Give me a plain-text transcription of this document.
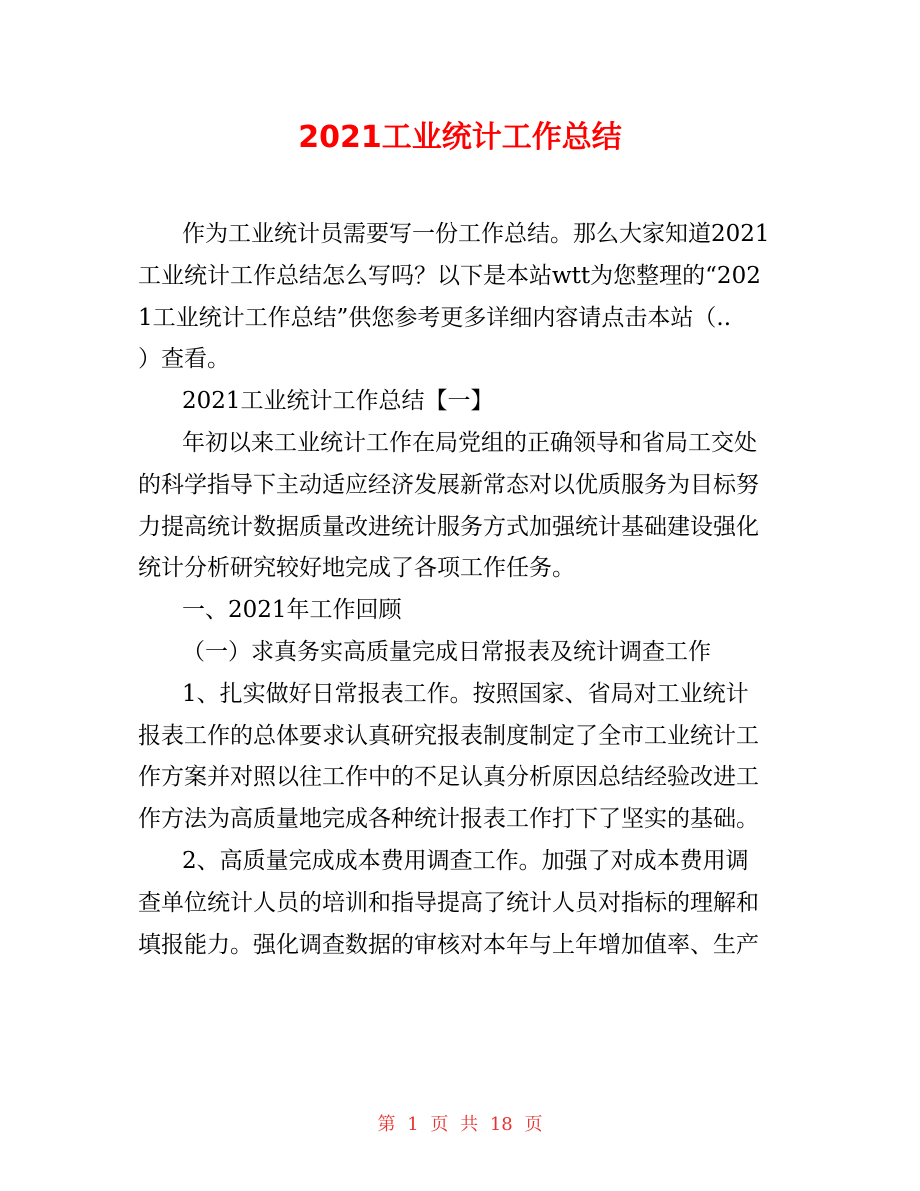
2021工业统计工作总结
作为工业统计员需要写一份工作总结。那么大家知道2021
工业统计工作总结怎么写吗？以下是本站wtt为您整理的“202
1工业统计工作总结”供您参考更多详细内容请点击本站（..
）查看。
2021工业统计工作总结【一】
年初以来工业统计工作在局党组的正确领导和省局工交处
的科学指导下主动适应经济发展新常态对以优质服务为目标努
力提高统计数据质量改进统计服务方式加强统计基础建设强化
统计分析研究较好地完成了各项工作任务。
一、2021年工作回顾
（一）求真务实高质量完成日常报表及统计调查工作
1、扎实做好日常报表工作。按照国家、省局对工业统计
报表工作的总体要求认真研究报表制度制定了全市工业统计工
作方案并对照以往工作中的不足认真分析原因总结经验改进工
作方法为高质量地完成各种统计报表工作打下了坚实的基础。
2、高质量完成成本费用调查工作。加强了对成本费用调
查单位统计人员的培训和指导提高了统计人员对指标的理解和
填报能力。强化调查数据的审核对本年与上年增加值率、生产
第 1 页 共 18 页
